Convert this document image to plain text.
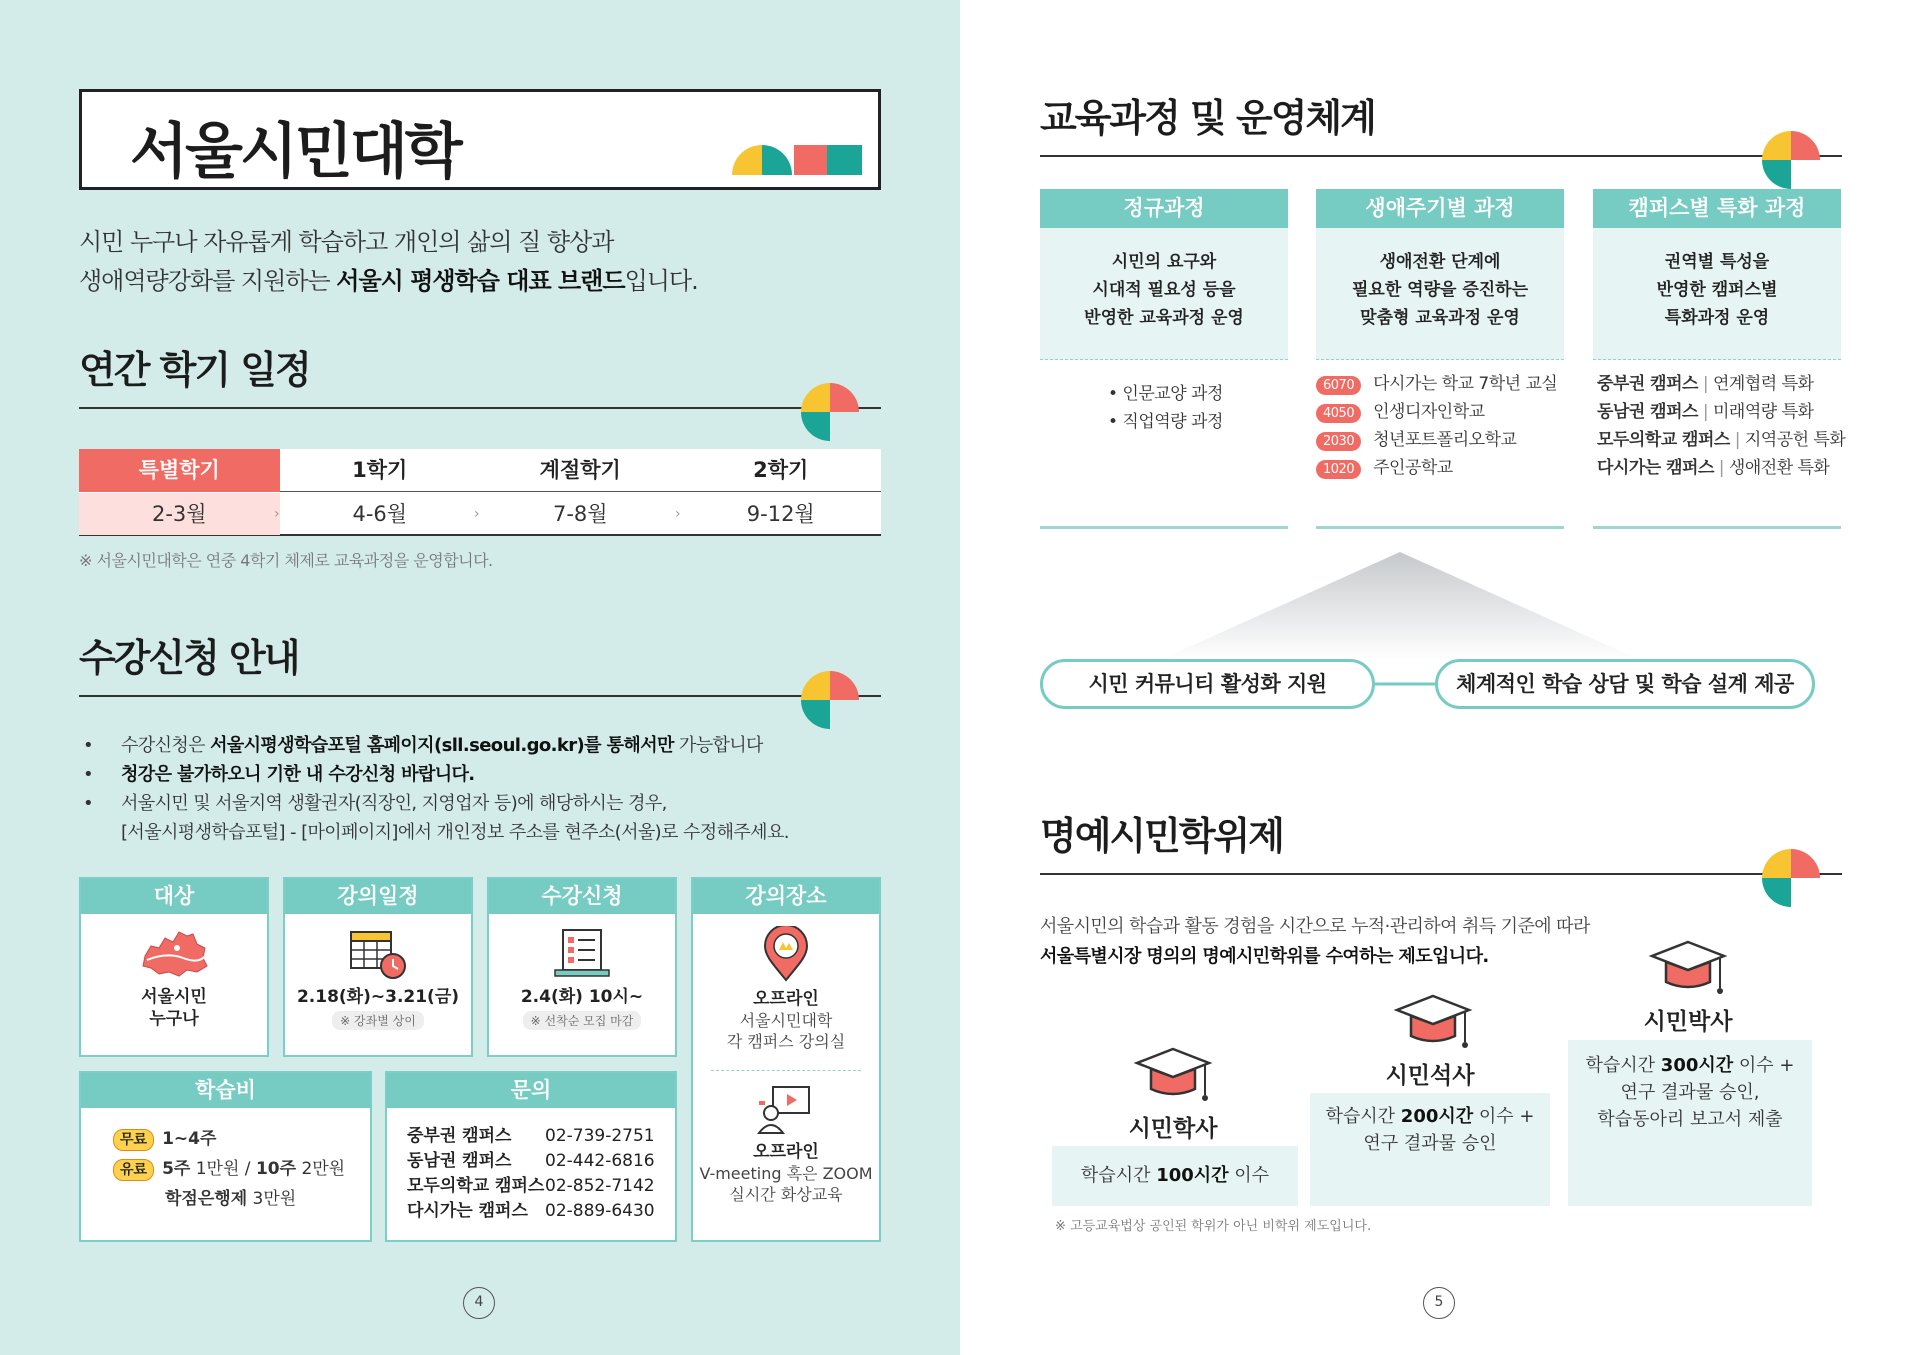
서울시민대학
시민 누구나 자유롭게 학습하고 개인의 삶의 질 향상과
생애역량강화를 지원하는 서울시 평생학습 대표 브랜드입니다.
연간 학기 일정
특별학기	1학기	계절학기	2학기
2-3월	4-6월	7-8월	9-12월
›	›	›
※ 서울시민대학은 연중 4학기 체제로 교육과정을 운영합니다.
수강신청 안내
• 수강신청은 서울시평생학습포털 홈페이지(sll.seoul.go.kr)를 통해서만 가능합니다
• 청강은 불가하오니 기한 내 수강신청 바랍니다.
• 서울시민 및 서울지역 생활권자(직장인, 지영업자 등)에 해당하시는 경우,
[서울시평생학습포털] - [마이페이지]에서 개인정보 주소를 현주소(서울)로 수정해주세요.
대상
서울시민
누구나
강의일정
2.18(화)~3.21(금)
※ 강좌별 상이
수강신청
2.4(화) 10시~
※ 선착순 모집 마감
강의장소
오프라인
서울시민대학
각 캠퍼스 강의실
오프라인
V-meeting 혹은 ZOOM
실시간 화상교육
학습비
무료 1~4주
유료 5주 1만원 / 10주 2만원
학점은행제 3만원
문의
중부권 캠퍼스 02-739-2751
동남권 캠퍼스 02-442-6816
모두의학교 캠퍼스02-852-7142
다시가는 캠퍼스 02-889-6430
4
교육과정 및 운영체계
정규과정
시민의 요구와
시대적 필요성 등을
반영한 교육과정 운영
• 인문교양 과정
• 직업역량 과정
생애주기별 과정
생애전환 단계에
필요한 역량을 증진하는
맞춤형 교육과정 운영
6070 다시가는 학교 7학년 교실
4050 인생디자인학교
2030 청년포트폴리오학교
1020 주인공학교
캠퍼스별 특화 과정
권역별 특성을
반영한 캠퍼스별
특화과정 운영
중부권 캠퍼스 | 연계협력 특화
동남권 캠퍼스 | 미래역량 특화
모두의학교 캠퍼스 | 지역공헌 특화
다시가는 캠퍼스 | 생애전환 특화
시민 커뮤니티 활성화 지원	체계적인 학습 상담 및 학습 설계 제공
명예시민학위제
서울시민의 학습과 활동 경험을 시간으로 누적·관리하여 취득 기준에 따라
서울특별시장 명의의 명예시민학위를 수여하는 제도입니다.
시민학사
학습시간 100시간 이수
시민석사
학습시간 200시간 이수 +
연구 결과물 승인
시민박사
학습시간 300시간 이수 +
연구 결과물 승인,
학습동아리 보고서 제출
※ 고등교육법상 공인된 학위가 아닌 비학위 제도입니다.
5
